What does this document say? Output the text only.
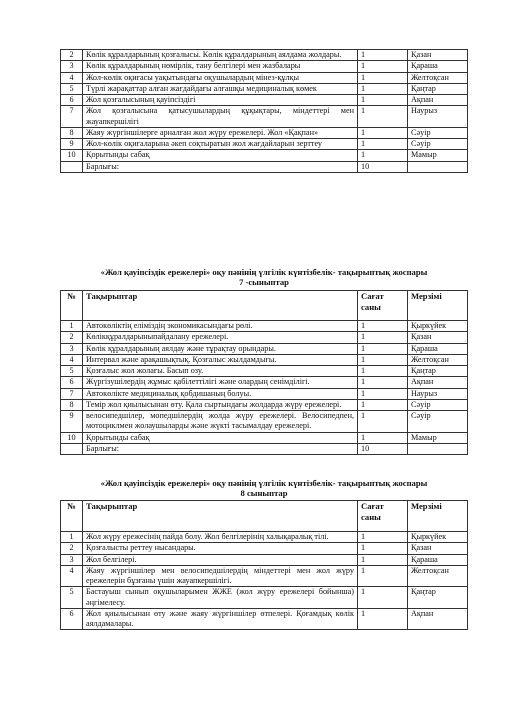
2	Көлік құралдарының қозғалысы. Көлік құралдарының аялдама жолдары.	1	Қазан
3	Көлік құралдарының нөмірлік, тану белгілері мен жазбалары	1	Қараша
4	Жол-көлік оқиғасы уақытындағы оқушылардың мінез-құлқы	1	Желтоқсан
5	Түрлі жарақаттар алған жағдайдағы алғашқы медициналық көмек	1	Қаңтар
6	Жол қозғалысының қауіпсіздігі	1	Ақпан
7	Жол қозғалысына қатысушылардың құқықтары, міндеттері мен жауапкершілігі	1	Наурыз
8	Жаяу жүргіншілерге арналған жол жүру ережелері. Жол «Қақпан»	1	Сәуір
9	Жол-көлік оқиғаларына әкеп соқтыратын жол жағдайларын зерттеу	1	Сәуір
10	Қорытынды сабақ	1	Мамыр
	Барлығы:	10	
«Жол қауіпсіздік ережелері» оқу пәнінің үлгілік күнтізбелік- тақырыптық жоспары
7 -сыныптар
№	Тақырыптар	Сағат саны	Мерзімі
1	Автокөліктің еліміздің экономикасындағы рөлі.	1	Қыркүйек
2	Көлікқұралдарыныпайдалану ережелері.	1	Қазан
3	Көлік құралдарының аялдау және тұрақтау орындары.	1	Қараша
4	Интервал және арақашықтық. Қозғалыс жылдамдығы.	1	Желтоқсан
5	Қозғалыс жол жолағы. Басып озу.	1	Қаңтар
6	Жүргізушілердің жұмыс қабілеттілігі және олардың сенімділігі.	1	Ақпан
7	Автокөлікте медициналық қобдишаның болуы.	1	Наурыз
8	Темір жол қиылысынан өту. Қала сыртындағы жолдарда жүру ережелері.	1	Сәуір
9	велосипедшілер, мопедшілердің жолда жүру ережелері. Велосипедпен, мотоциклмен жолаушыларды және жүкті тасымалдау ережелері.	1	Сәуір
10	Қорытынды сабақ	1	Мамыр
	Барлығы:	10	
«Жол қауіпсіздік ережелері» оқу пәнінің үлгілік күнтізбелік- тақырыптық жоспары
8 сыныптар
№	Тақырыптар	Сағат саны	Мерзімі
1	Жол жүру ережесінің пайда болу. Жол белгілерінің халықаралық тілі.	1	Қыркүйек
2	Қозғалысты реттеу нысандары.	1	Қазан
3	Жол белгілері.	1	Қараша
4	Жаяу жүргіншілер мен велосипедшілердің міндеттері мен жол жүру ережелерін бұзғаны үшін жауапкершілігі.	1	Желтоқсан
5	Бастауыш сынып оқушыларымен ЖЖЕ (жол жүру ережелері бойынша) әңгімелесу.	1	Қаңтар
6	Жол қиылысынан өту және жаяу жүргіншілер өтпелері. Қоғамдық көлік аялдамалары.	1	Ақпан
